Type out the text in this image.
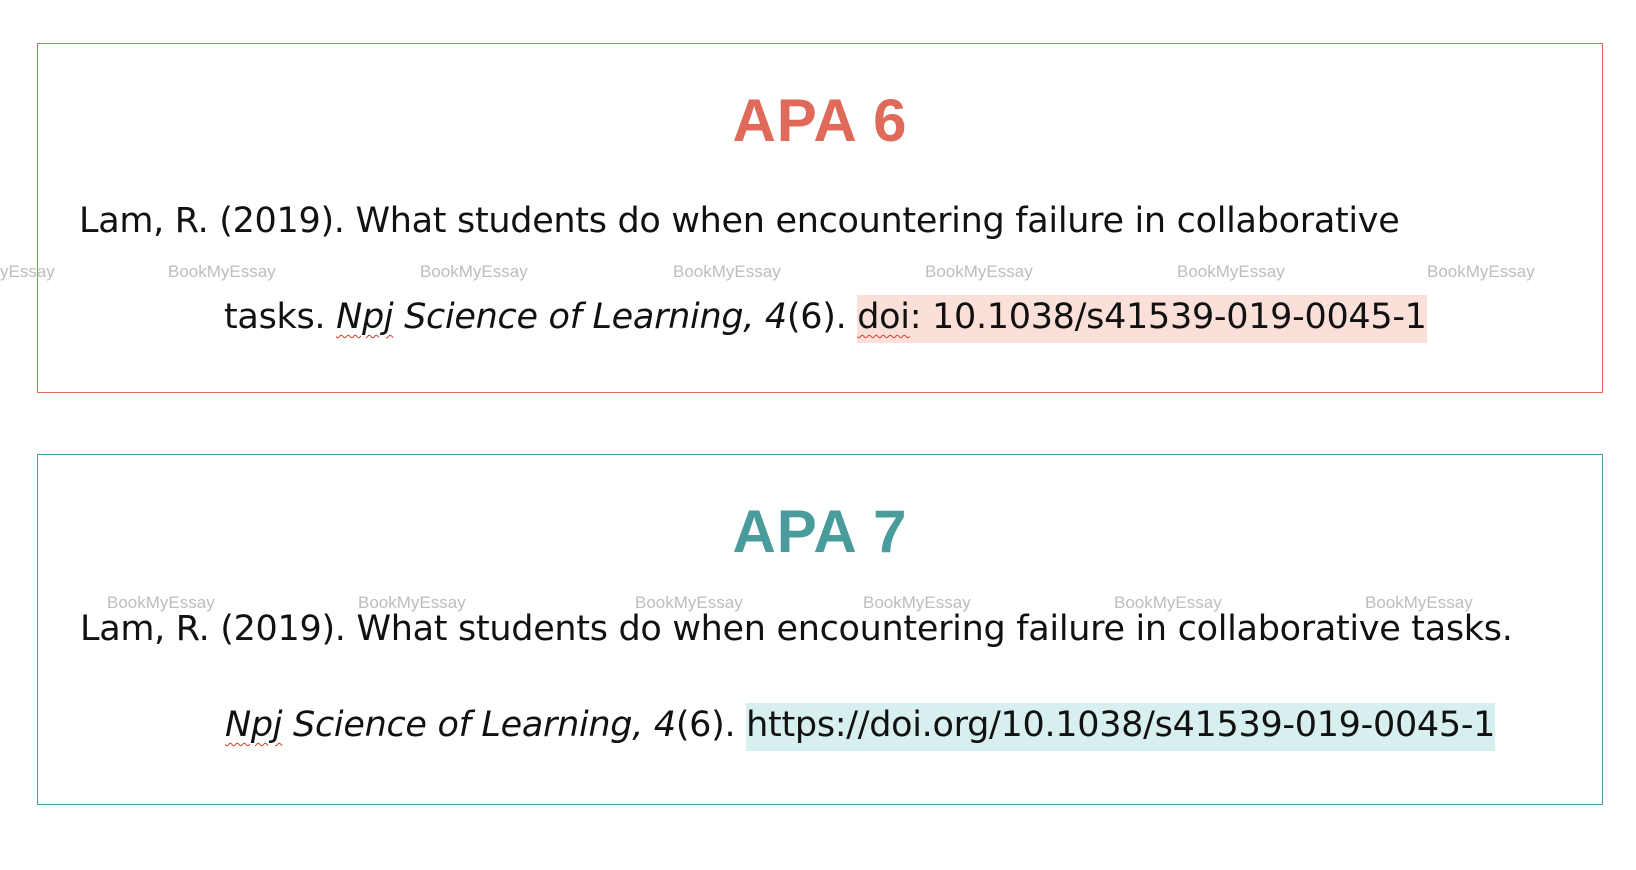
APA 6
Lam, R. (2019). What students do when encountering failure in collaborative
tasks. Npj Science of Learning, 4(6). doi: 10.1038/s41539-019-0045-1
APA 7
Lam, R. (2019). What students do when encountering failure in collaborative tasks.
Npj Science of Learning, 4(6). https://doi.org/10.1038/s41539-019-0045-1
yEssay	BookMyEssay	BookMyEssay	BookMyEssay	BookMyEssay	BookMyEssay	BookMyEssay
BookMyEssay	BookMyEssay	BookMyEssay	BookMyEssay	BookMyEssay	BookMyEssay
